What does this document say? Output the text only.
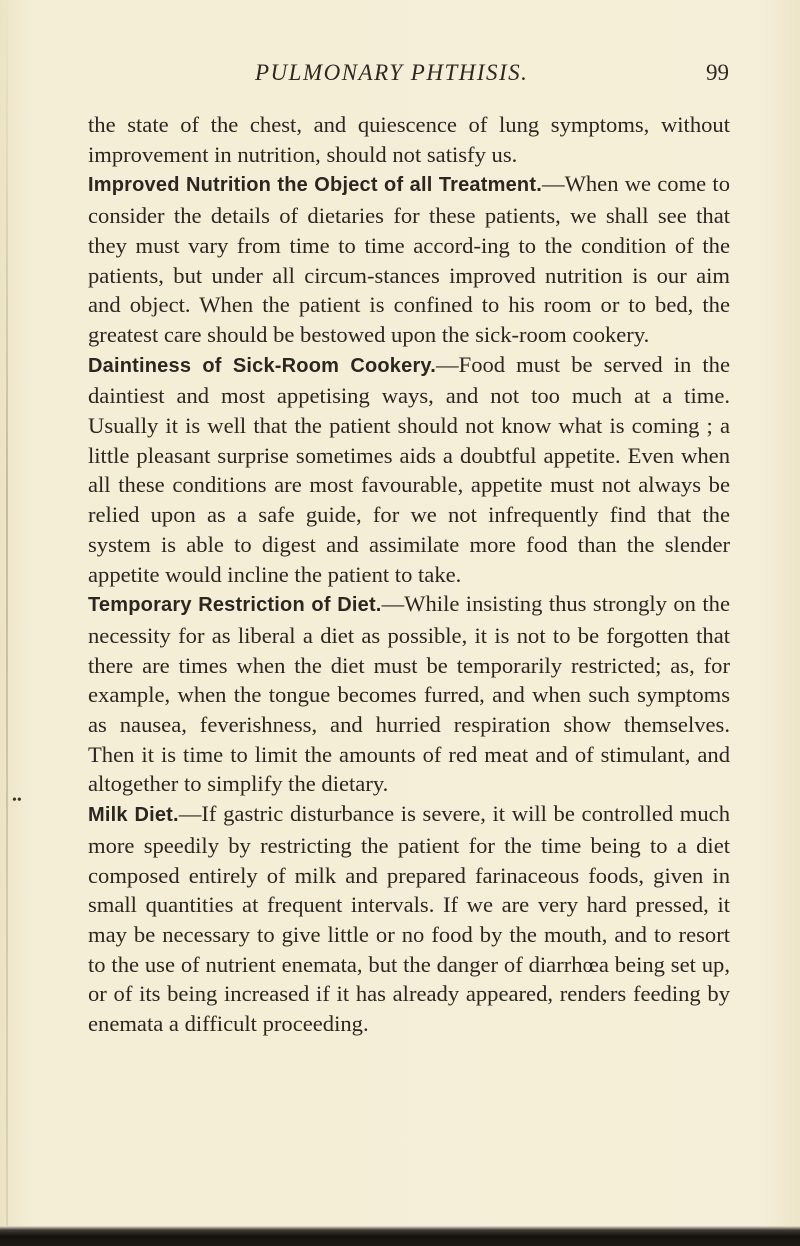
PULMONARY PHTHISIS.	99
••

the state of the chest, and quiescence of lung symptoms, without improvement in nutrition, should not satisfy us.

Improved Nutrition the Object of all Treatment.—When we come to consider the details of dietaries for these patients, we shall see that they must vary from time to time accord-ing to the condition of the patients, but under all circum-stances improved nutrition is our aim and object. When the patient is confined to his room or to bed, the greatest care should be bestowed upon the sick-room cookery.

Daintiness of Sick-Room Cookery.—Food must be served in the daintiest and most appetising ways, and not too much at a time. Usually it is well that the patient should not know what is coming ; a little pleasant surprise sometimes aids a doubtful appetite. Even when all these conditions are most favourable, appetite must not always be relied upon as a safe guide, for we not infrequently find that the system is able to digest and assimilate more food than the slender appetite would incline the patient to take.

Temporary Restriction of Diet.—While insisting thus strongly on the necessity for as liberal a diet as possible, it is not to be forgotten that there are times when the diet must be temporarily restricted; as, for example, when the tongue becomes furred, and when such symptoms as nausea, feverishness, and hurried respiration show themselves. Then it is time to limit the amounts of red meat and of stimulant, and altogether to simplify the dietary.

Milk Diet.—If gastric disturbance is severe, it will be controlled much more speedily by restricting the patient for the time being to a diet composed entirely of milk and prepared farinaceous foods, given in small quantities at frequent intervals. If we are very hard pressed, it may be necessary to give little or no food by the mouth, and to resort to the use of nutrient enemata, but the danger of diarrhœa being set up, or of its being increased if it has already appeared, renders feeding by enemata a difficult proceeding.
